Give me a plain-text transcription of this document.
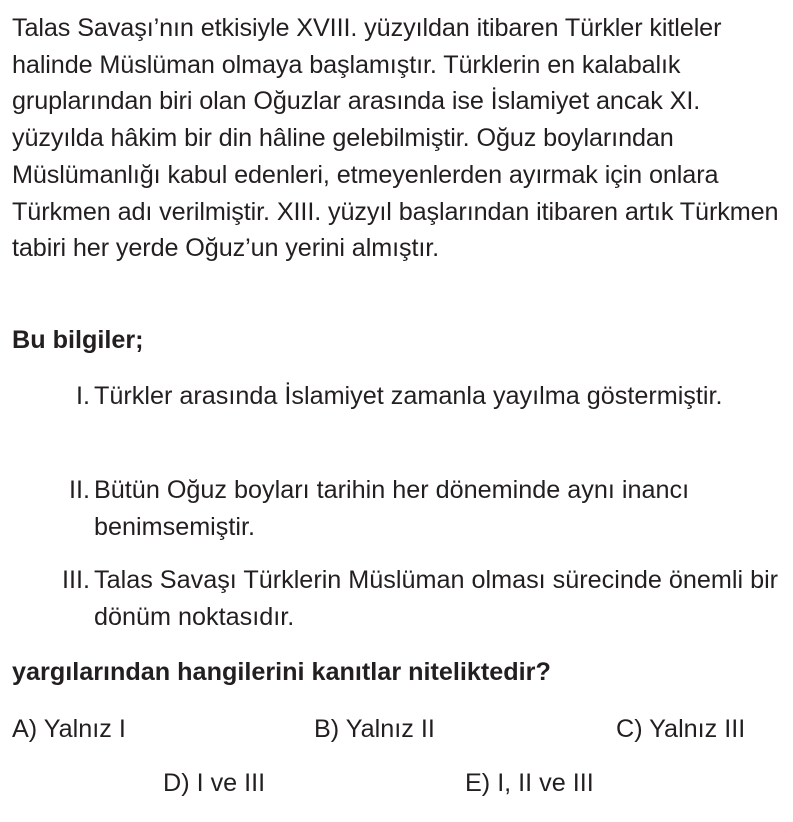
Talas Savaşı’nın etkisiyle XVIII. yüzyıldan itibaren Türkler kitleler halinde Müslüman olmaya başlamıştır. Türklerin en kalabalık gruplarından biri olan Oğuzlar arasında ise İslamiyet ancak XI. yüzyılda hâkim bir din hâline gelebilmiştir. Oğuz boylarından Müslümanlığı kabul edenleri, etmeyenlerden ayırmak için onlara Türkmen adı verilmiştir. XIII. yüzyıl başlarından itibaren artık Türkmen tabiri her yerde Oğuz’un yerini almıştır.

Bu bilgiler;

I. Türkler arasında İslamiyet zamanla yayılma göstermiştir.
II. Bütün Oğuz boyları tarihin her döneminde aynı inancı benimsemiştir.
III. Talas Savaşı Türklerin Müslüman olması sürecinde önemli bir dönüm noktasıdır.

yargılarından hangilerini kanıtlar niteliktedir?

A) Yalnız I	B) Yalnız II	C) Yalnız III
D) I ve III	E) I, II ve III
